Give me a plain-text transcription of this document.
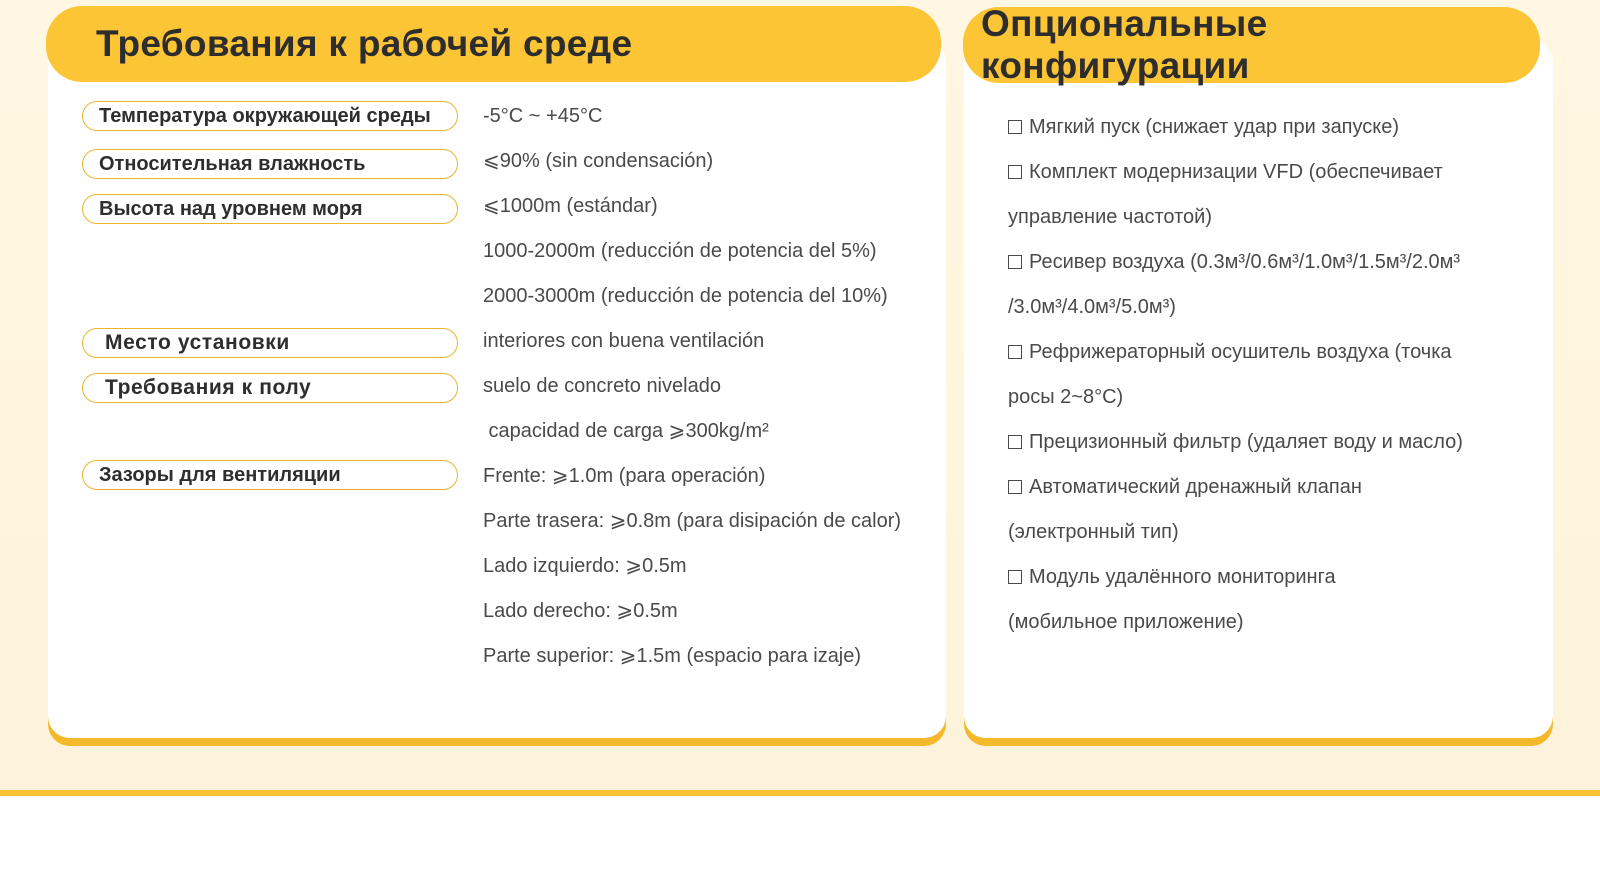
Требования к рабочей среде
Температура окружающей среды
Относительная влажность
Высота над уровнем моря
Место установки
Требования к полу
Зазоры для вентиляции
-5°C ~ +45°C
⩽90% (sin condensación)
⩽1000m (estándar)
1000-2000m (reducción de potencia del 5%)
2000-3000m (reducción de potencia del 10%)
interiores con buena ventilación
suelo de concreto nivelado
capacidad de carga ⩾300kg/m²
Frente: ⩾1.0m (para operación)
Parte trasera: ⩾0.8m (para disipación de calor)
Lado izquierdo: ⩾0.5m
Lado derecho: ⩾0.5m
Parte superior: ⩾1.5m (espacio para izaje)
Опциональные конфигурации
Мягкий пуск (снижает удар при запуске)
Комплект модернизации VFD (обеспечивает
управление частотой)
Ресивер воздуха (0.3м³/0.6м³/1.0м³/1.5м³/2.0м³
/3.0м³/4.0м³/5.0м³)
Рефрижераторный осушитель воздуха (точка
росы 2~8°C)
Прецизионный фильтр (удаляет воду и масло)
Автоматический дренажный клапан
(электронный тип)
Модуль удалённого мониторинга
(мобильное приложение)
